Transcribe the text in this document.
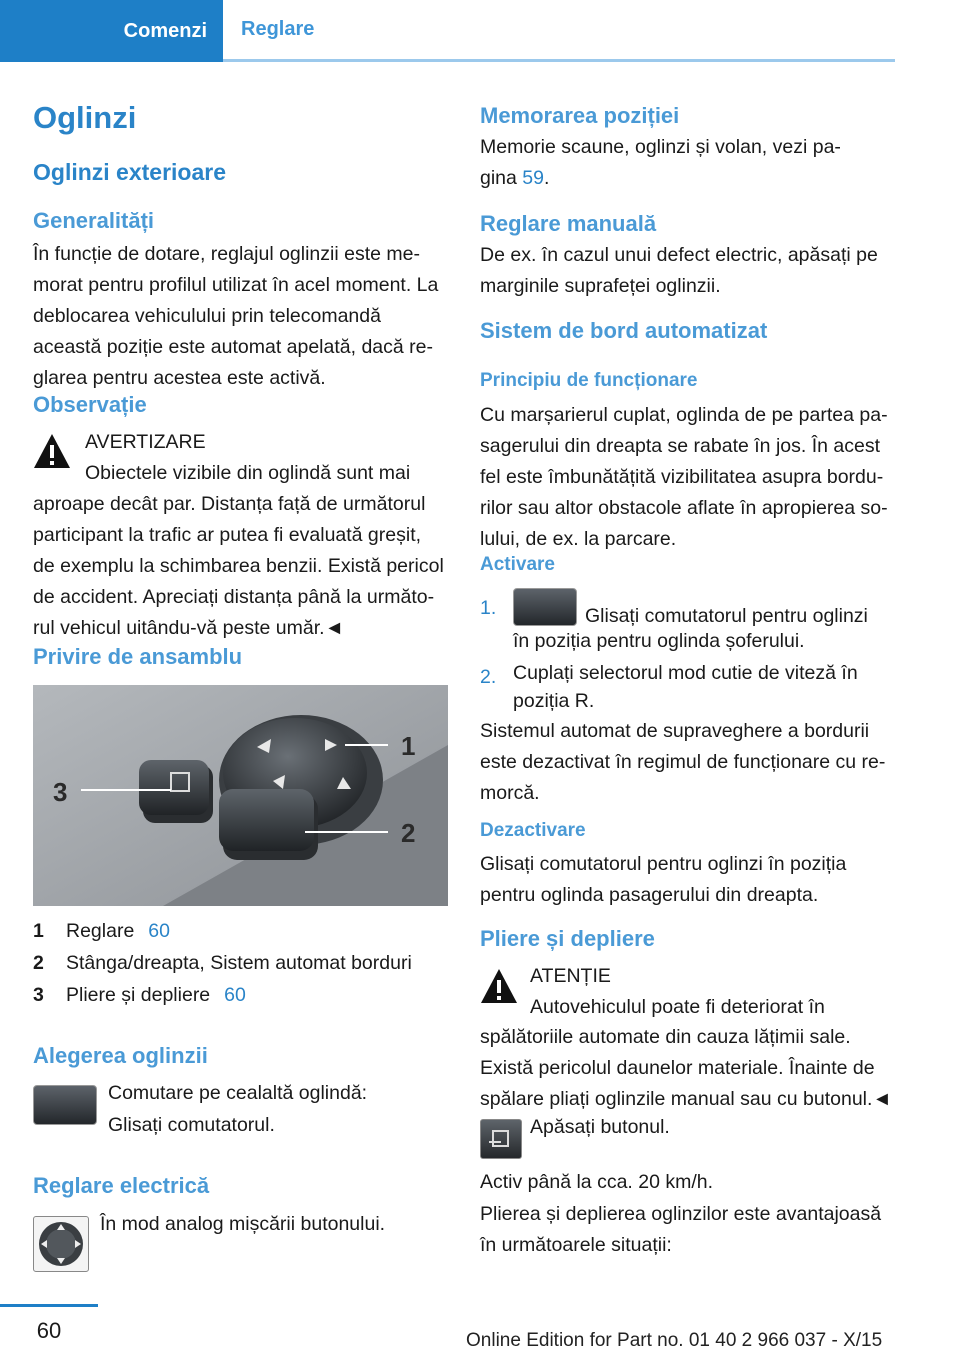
Comenzi	Reglare
Oglinzi
Oglinzi exterioare
Generalități
În funcție de dotare, reglajul oglinzii este me‐
morat pentru profilul utilizat în acel moment. La
deblocarea vehiculului prin telecomandă
această poziție este automat apelată, dacă re‐
glarea pentru acestea este activă.
Observație
AVERTIZARE
Obiectele vizibile din oglindă sunt mai
aproape decât par. Distanța față de următorul
participant la trafic ar putea fi evaluată greșit,
de exemplu la schimbarea benzii. Există pericol
de accident. Apreciați distanța până la următo‐
rul vehicul uitându-vă peste umăr.◄
Privire de ansamblu
1
2
3
1	Reglare 60
2	Stânga/dreapta, Sistem automat borduri
3	Pliere și depliere 60
Alegerea oglinzii
Comutare pe cealaltă oglindă:
Glisați comutatorul.
Reglare electrică
În mod analog mișcării butonului.
Memorarea poziției
Memorie scaune, oglinzi și volan, vezi pa‐
gina 59.
Reglare manuală
De ex. în cazul unui defect electric, apăsați pe
marginile suprafeței oglinzii.
Sistem de bord automatizat
Principiu de funcționare
Cu marșarierul cuplat, oglinda de pe partea pa‐
sagerului din dreapta se rabate în jos. În acest
fel este îmbunătățită vizibilitatea asupra bordu‐
rilor sau altor obstacole aflate în apropierea so‐
lului, de ex. la parcare.
Activare
1.	Glisați comutatorul pentru oglinzi
în poziția pentru oglinda șoferului.
2. Cuplați selectorul mod cutie de viteză în
poziția R.
Sistemul automat de supraveghere a bordurii
este dezactivat în regimul de funcționare cu re‐
morcă.
Dezactivare
Glisați comutatorul pentru oglinzi în poziția
pentru oglinda pasagerului din dreapta.
Pliere și depliere
ATENȚIE
Autovehiculul poate fi deteriorat în
spălătoriile automate din cauza lățimii sale.
Există pericolul daunelor materiale. Înainte de
spălare pliați oglinzile manual sau cu butonul.◄
Apăsați butonul.
Activ până la cca. 20 km/h.
Plierea și deplierea oglinzilor este avantajoasă
în următoarele situații:
60	Online Edition for Part no. 01 40 2 966 037 - X/15
